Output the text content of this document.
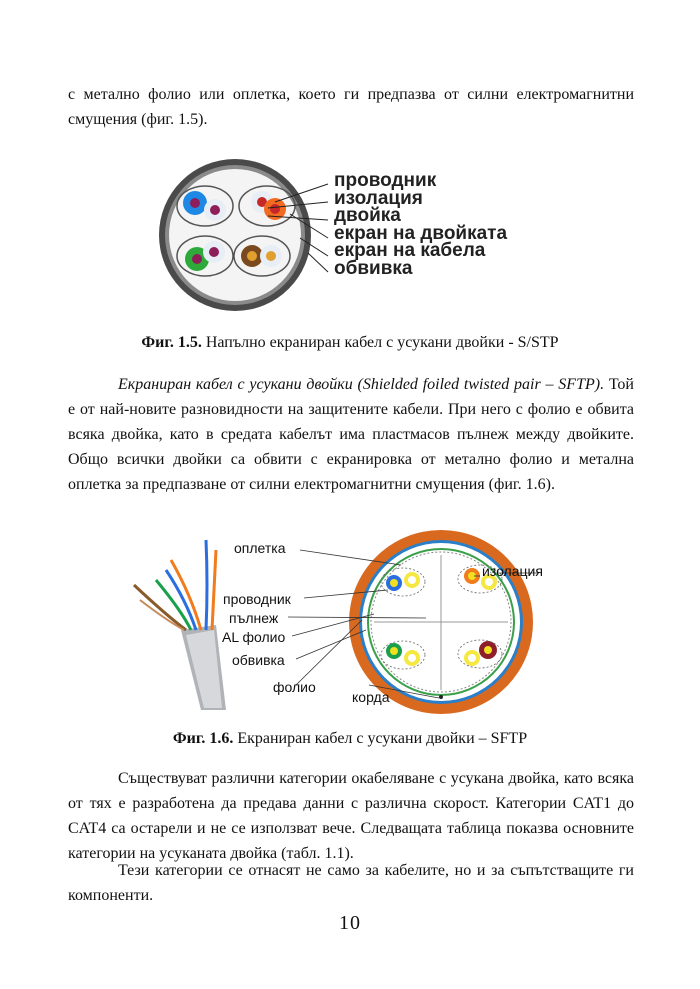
с металнo фолио или оплетка, което ги предпазва от силни електромагнитни смущения (фиг. 1.5).

проводник
изолация
двойка
екран на двойката
екран на кабела
обвивка

Фиг. 1.5. Напълно екраниран кабел с усукани двойки - S/STP

Екраниран кабел с усукани двойки (Shielded foiled twisted pair – SFTP). Той е от най-новите разновидности на защитените кабели. При него с фолио е обвита всяка двойка, като в средата кабелът има пластмасов пълнеж между двойките. Общо всички двойки са обвити с екранировка от метално фолио и метална оплетка за предпазване от силни електромагнитни смущения (фиг. 1.6).

оплетка
изолация
проводник
пълнеж
AL фолио
обвивка
фолио
корда

Фиг. 1.6. Екраниран кабел с усукани двойки – SFTP

Съществуват различни категории окабеляване с усукана двойка, като всяка от тях е разработена да предава данни с различна скорост. Категории CAT1 до CAT4 са остарели и не се използват вече. Следващата таблица показва основните категории на усуканата двойка (табл. 1.1).

Тези категории се отнасят не само за кабелите, но и за съпътстващите ги компоненти.

10
